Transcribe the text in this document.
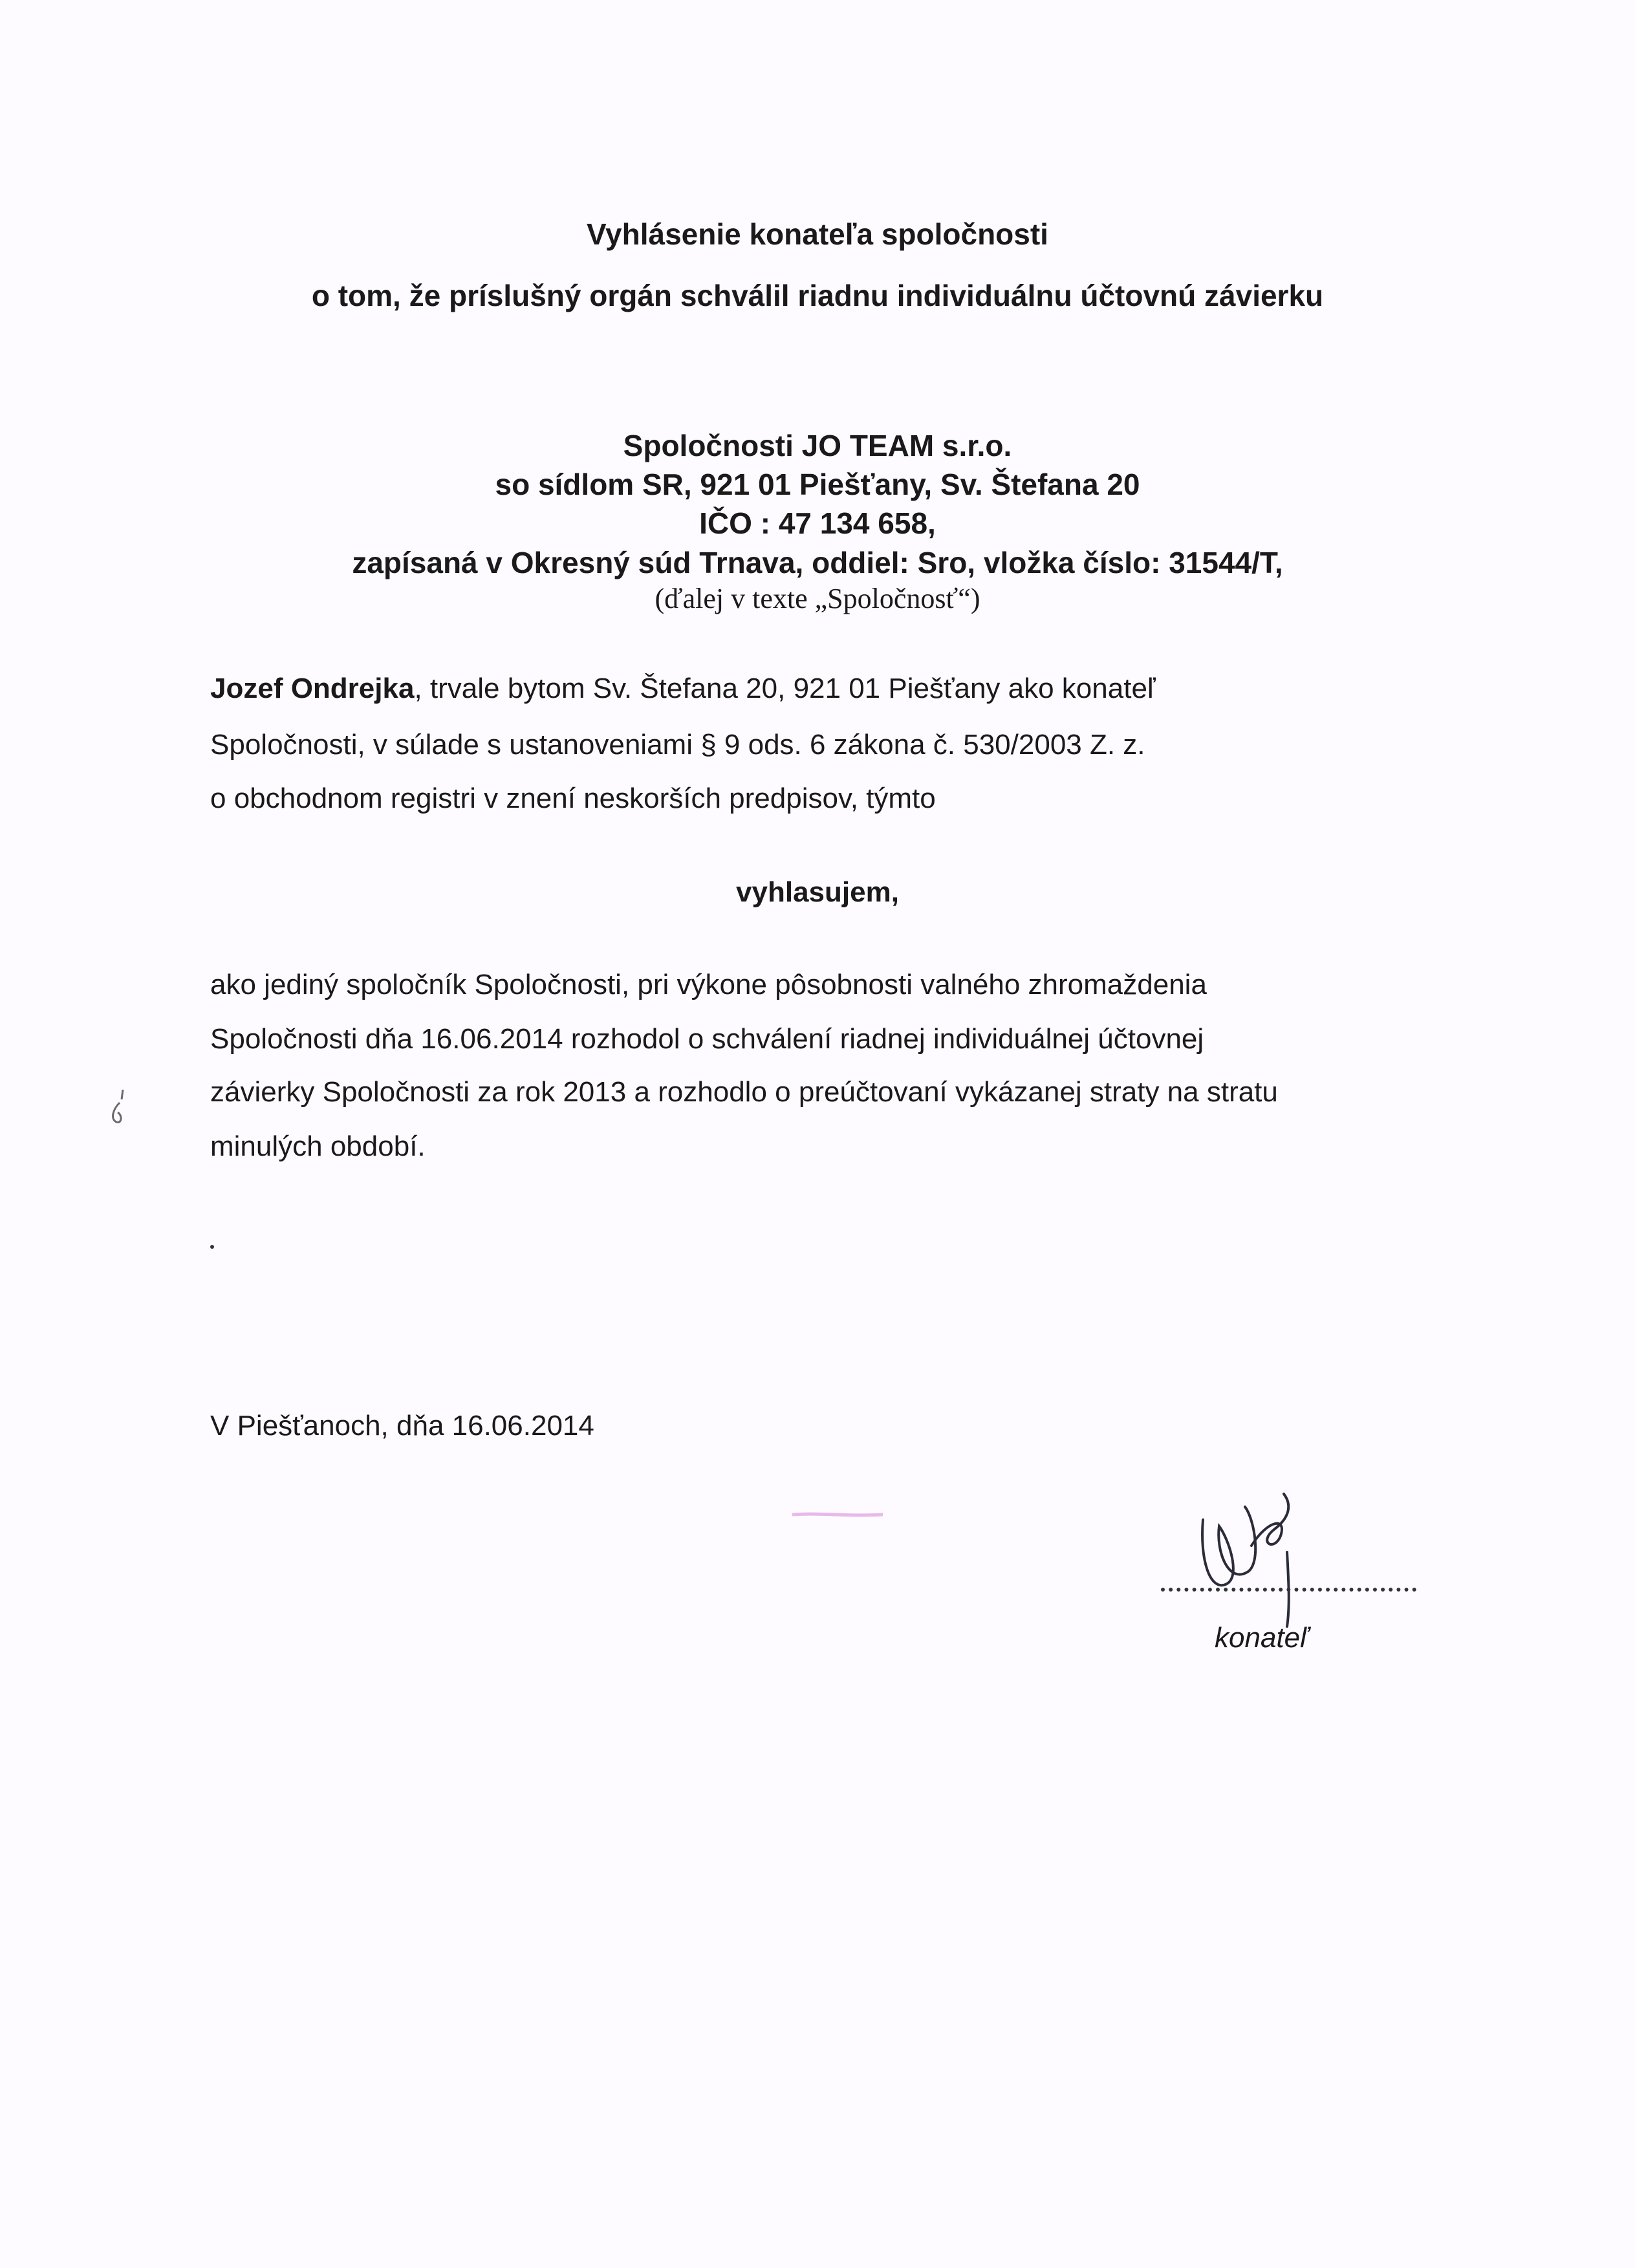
Vyhlásenie konateľa spoločnosti

o tom, že príslušný orgán schválil riadnu individuálnu účtovnú závierku

Spoločnosti JO TEAM s.r.o.

so sídlom SR, 921 01 Piešťany, Sv. Štefana 20

IČO : 47 134 658,

zapísaná v Okresný súd Trnava, oddiel: Sro, vložka číslo: 31544/T,

(ďalej v texte „Spoločnosť“)

Jozef Ondrejka, trvale bytom Sv. Štefana 20, 921 01 Piešťany ako konateľ

Spoločnosti, v súlade s ustanoveniami § 9 ods. 6 zákona č. 530/2003 Z. z.

o obchodnom registri v znení neskorších predpisov, týmto

vyhlasujem,

ako jediný spoločník Spoločnosti, pri výkone pôsobnosti valného zhromaždenia

Spoločnosti dňa 16.06.2014 rozhodol o schválení riadnej individuálnej účtovnej

závierky Spoločnosti za rok 2013 a rozhodlo o preúčtovaní vykázanej straty na stratu

minulých období.

V Piešťanoch, dňa 16.06.2014

konateľ
